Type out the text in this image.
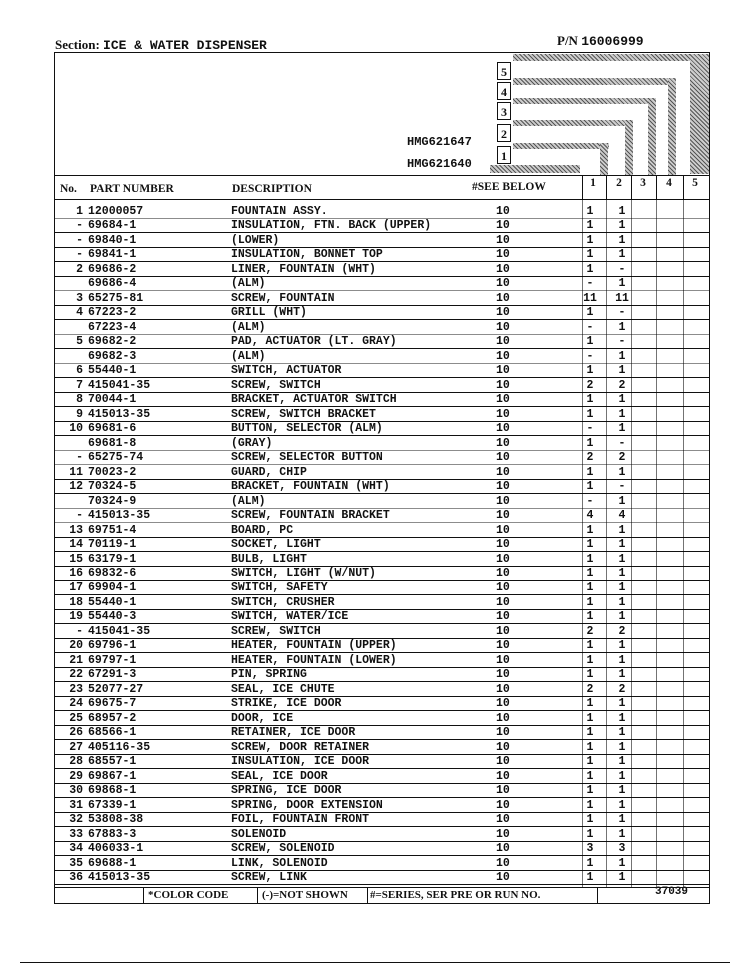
Section: ICE & WATER DISPENSER	P/N 16006999
5
4
3
2
1
HMG621647
HMG621640
No. PART NUMBER	DESCRIPTION	#SEE BELOW	1	2	3	4	5
1 12000057	FOUNTAIN ASSY.	10	1	1
- 69684-1	INSULATION, FTN. BACK (UPPER)	10	1	1
- 69840-1	(LOWER)	10	1	1
- 69841-1	INSULATION, BONNET TOP	10	1	1
2 69686-2	LINER, FOUNTAIN (WHT)	10	1	-
69686-4	(ALM)	10	-	1
3 65275-81	SCREW, FOUNTAIN	10	11	11
4 67223-2	GRILL (WHT)	10	1	-
67223-4	(ALM)	10	-	1
5 69682-2	PAD, ACTUATOR (LT. GRAY)	10	1	-
69682-3	(ALM)	10	-	1
6 55440-1	SWITCH, ACTUATOR	10	1	1
7 415041-35	SCREW, SWITCH	10	2	2
8 70044-1	BRACKET, ACTUATOR SWITCH	10	1	1
9 415013-35	SCREW, SWITCH BRACKET	10	1	1
10 69681-6	BUTTON, SELECTOR (ALM)	10	-	1
69681-8	(GRAY)	10	1	-
- 65275-74	SCREW, SELECTOR BUTTON	10	2	2
11 70023-2	GUARD, CHIP	10	1	1
12 70324-5	BRACKET, FOUNTAIN (WHT)	10	1	-
70324-9	(ALM)	10	-	1
- 415013-35	SCREW, FOUNTAIN BRACKET	10	4	4
13 69751-4	BOARD, PC	10	1	1
14 70119-1	SOCKET, LIGHT	10	1	1
15 63179-1	BULB, LIGHT	10	1	1
16 69832-6	SWITCH, LIGHT (W/NUT)	10	1	1
17 69904-1	SWITCH, SAFETY	10	1	1
18 55440-1	SWITCH, CRUSHER	10	1	1
19 55440-3	SWITCH, WATER/ICE	10	1	1
- 415041-35	SCREW, SWITCH	10	2	2
20 69796-1	HEATER, FOUNTAIN (UPPER)	10	1	1
21 69797-1	HEATER, FOUNTAIN (LOWER)	10	1	1
22 67291-3	PIN, SPRING	10	1	1
23 52077-27	SEAL, ICE CHUTE	10	2	2
24 69675-7	STRIKE, ICE DOOR	10	1	1
25 68957-2	DOOR, ICE	10	1	1
26 68566-1	RETAINER, ICE DOOR	10	1	1
27 405116-35	SCREW, DOOR RETAINER	10	1	1
28 68557-1	INSULATION, ICE DOOR	10	1	1
29 69867-1	SEAL, ICE DOOR	10	1	1
30 69868-1	SPRING, ICE DOOR	10	1	1
31 67339-1	SPRING, DOOR EXTENSION	10	1	1
32 53808-38	FOIL, FOUNTAIN FRONT	10	1	1
33 67883-3	SOLENOID	10	1	1
34 406033-1	SCREW, SOLENOID	10	3	3
35 69688-1	LINK, SOLENOID	10	1	1
36 415013-35	SCREW, LINK	10	1	1
*COLOR CODE	(-)=NOT SHOWN #=SERIES, SER PRE OR RUN NO.	37039
